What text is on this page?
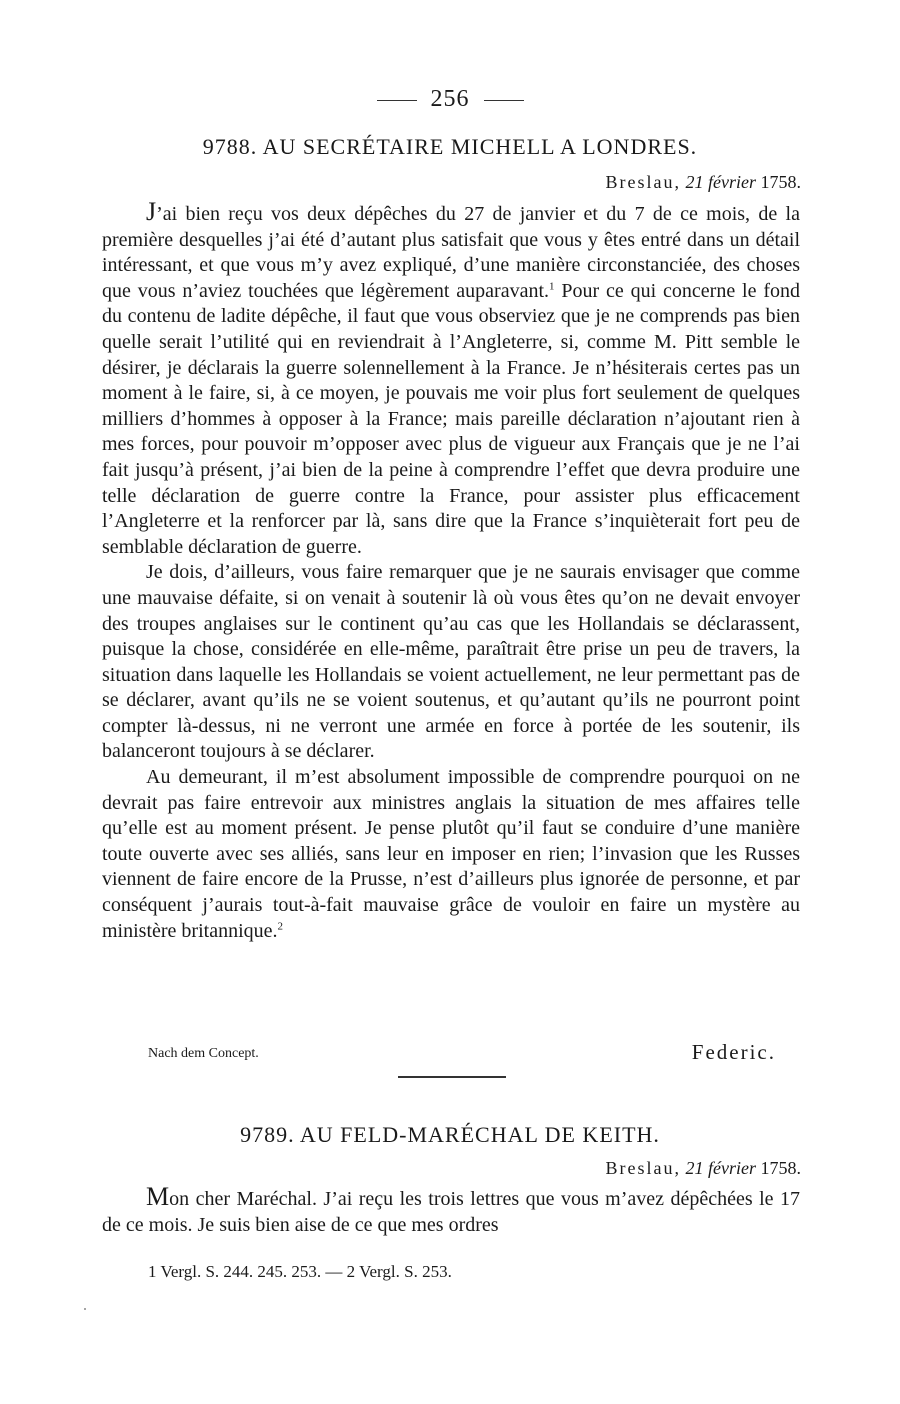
256
9788. AU SECRÉTAIRE MICHELL A LONDRES.
Breslau, 21 février 1758.

J’ai bien reçu vos deux dépêches du 27 de janvier et du 7 de ce mois, de la première desquelles j’ai été d’autant plus satisfait que vous y êtes entré dans un détail intéressant, et que vous m’y avez expliqué, d’une manière circonstanciée, des choses que vous n’aviez touchées que légèrement auparavant.$^1$ Pour ce qui concerne le fond du contenu de ladite dépêche, il faut que vous observiez que je ne comprends pas bien quelle serait l’utilité qui en reviendrait à l’Angleterre, si, comme M. Pitt semble le désirer, je déclarais la guerre solennellement à la France. Je n’hésiterais certes pas un moment à le faire, si, à ce moyen, je pouvais me voir plus fort seulement de quelques milliers d’hommes à opposer à la France; mais pareille déclaration n’ajoutant rien à mes forces, pour pouvoir m’opposer avec plus de vigueur aux Français que je ne l’ai fait jusqu’à présent, j’ai bien de la peine à comprendre l’effet que devra produire une telle déclaration de guerre contre la France, pour assister plus efficacement l’Angleterre et la renforcer par là, sans dire que la France s’inquièterait fort peu de semblable déclaration de guerre.

Je dois, d’ailleurs, vous faire remarquer que je ne saurais envisager que comme une mauvaise défaite, si on venait à soutenir là où vous êtes qu’on ne devait envoyer des troupes anglaises sur le continent qu’au cas que les Hollandais se déclarassent, puisque la chose, considérée en elle-même, paraîtrait être prise un peu de travers, la situation dans laquelle les Hollandais se voient actuellement, ne leur permettant pas de se déclarer, avant qu’ils ne se voient soutenus, et qu’autant qu’ils ne pourront point compter là-dessus, ni ne verront une armée en force à portée de les soutenir, ils balanceront toujours à se déclarer.

Au demeurant, il m’est absolument impossible de comprendre pourquoi on ne devrait pas faire entrevoir aux ministres anglais la situation de mes affaires telle qu’elle est au moment présent. Je pense plutôt qu’il faut se conduire d’une manière toute ouverte avec ses alliés, sans leur en imposer en rien; l’invasion que les Russes viennent de faire encore de la Prusse, n’est d’ailleurs plus ignorée de personne, et par conséquent j’aurais tout-à-fait mauvaise grâce de vouloir en faire un mystère au ministère britannique.$^2$

Nach dem Concept.	Federic.
9789. AU FELD-MARÉCHAL DE KEITH.
Breslau, 21 février 1758.

Mon cher Maréchal. J’ai reçu les trois lettres que vous m’avez dépêchées le 17 de ce mois. Je suis bien aise de ce que mes ordres

1 Vergl. S. 244. 245. 253. — 2 Vergl. S. 253.
